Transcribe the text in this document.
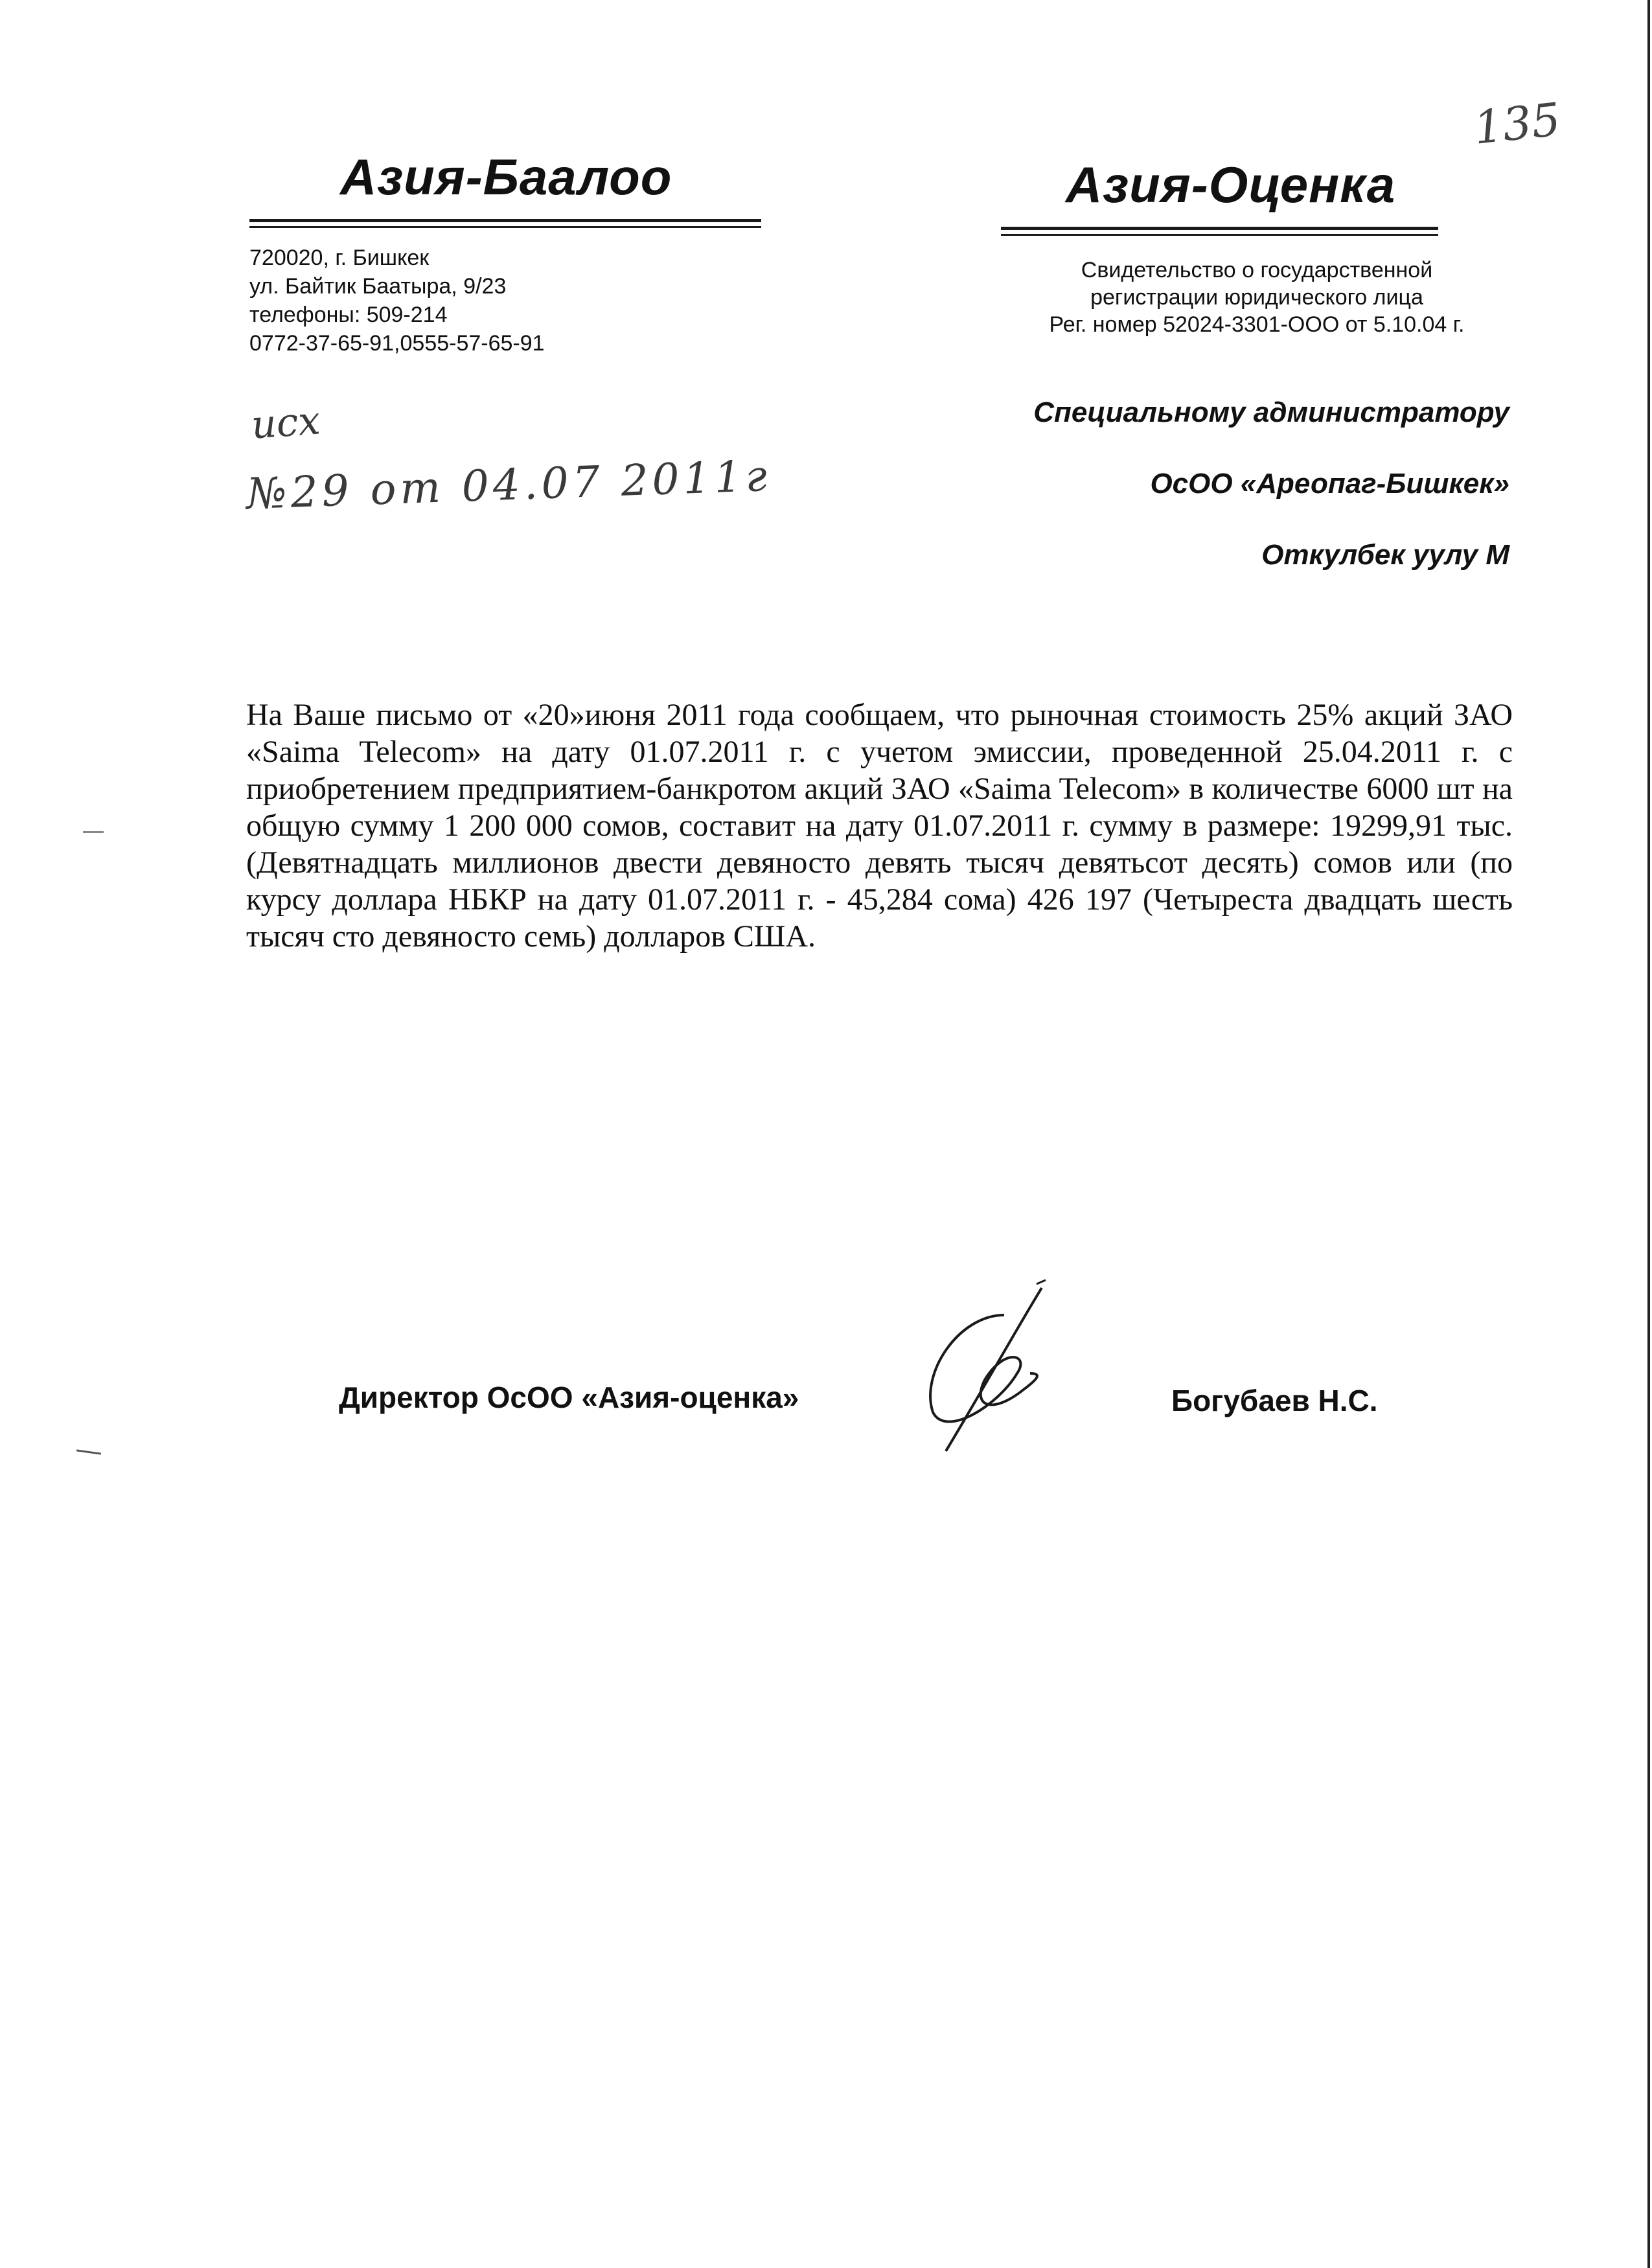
135
Азия-Баалоо
720020, г. Бишкек
ул. Байтик Баатыра, 9/23
телефоны: 509-214
0772-37-65-91,0555-57-65-91
Азия-Оценка
Свидетельство о государственной
регистрации юридического лица
Рег. номер 52024-3301-ООО от 5.10.04 г.
исх
№29 от 04.07 2011г
Специальному администратору
ОсОО «Ареопаг-Бишкек»
Откулбек уулу М
На Ваше письмо от «20»июня 2011 года сообщаем, что рыночная стоимость 25% акций ЗАО «Saima Telecom» на дату 01.07.2011 г. с учетом эмиссии, проведенной 25.04.2011 г. с приобретением предприятием-банкротом акций ЗАО «Saima Telecom» в количестве 6000 шт на общую сумму 1 200 000 сомов, составит на дату 01.07.2011 г. сумму в размере: 19299,91 тыс. (Девятнадцать миллионов двести девяносто девять тысяч девятьсот десять) сомов или (по курсу доллара НБКР на дату 01.07.2011 г. - 45,284 сома) 426 197 (Четыреста двадцать шесть тысяч сто девяносто семь) долларов США.
Директор ОсОО «Азия-оценка»	Богубаев Н.С.
